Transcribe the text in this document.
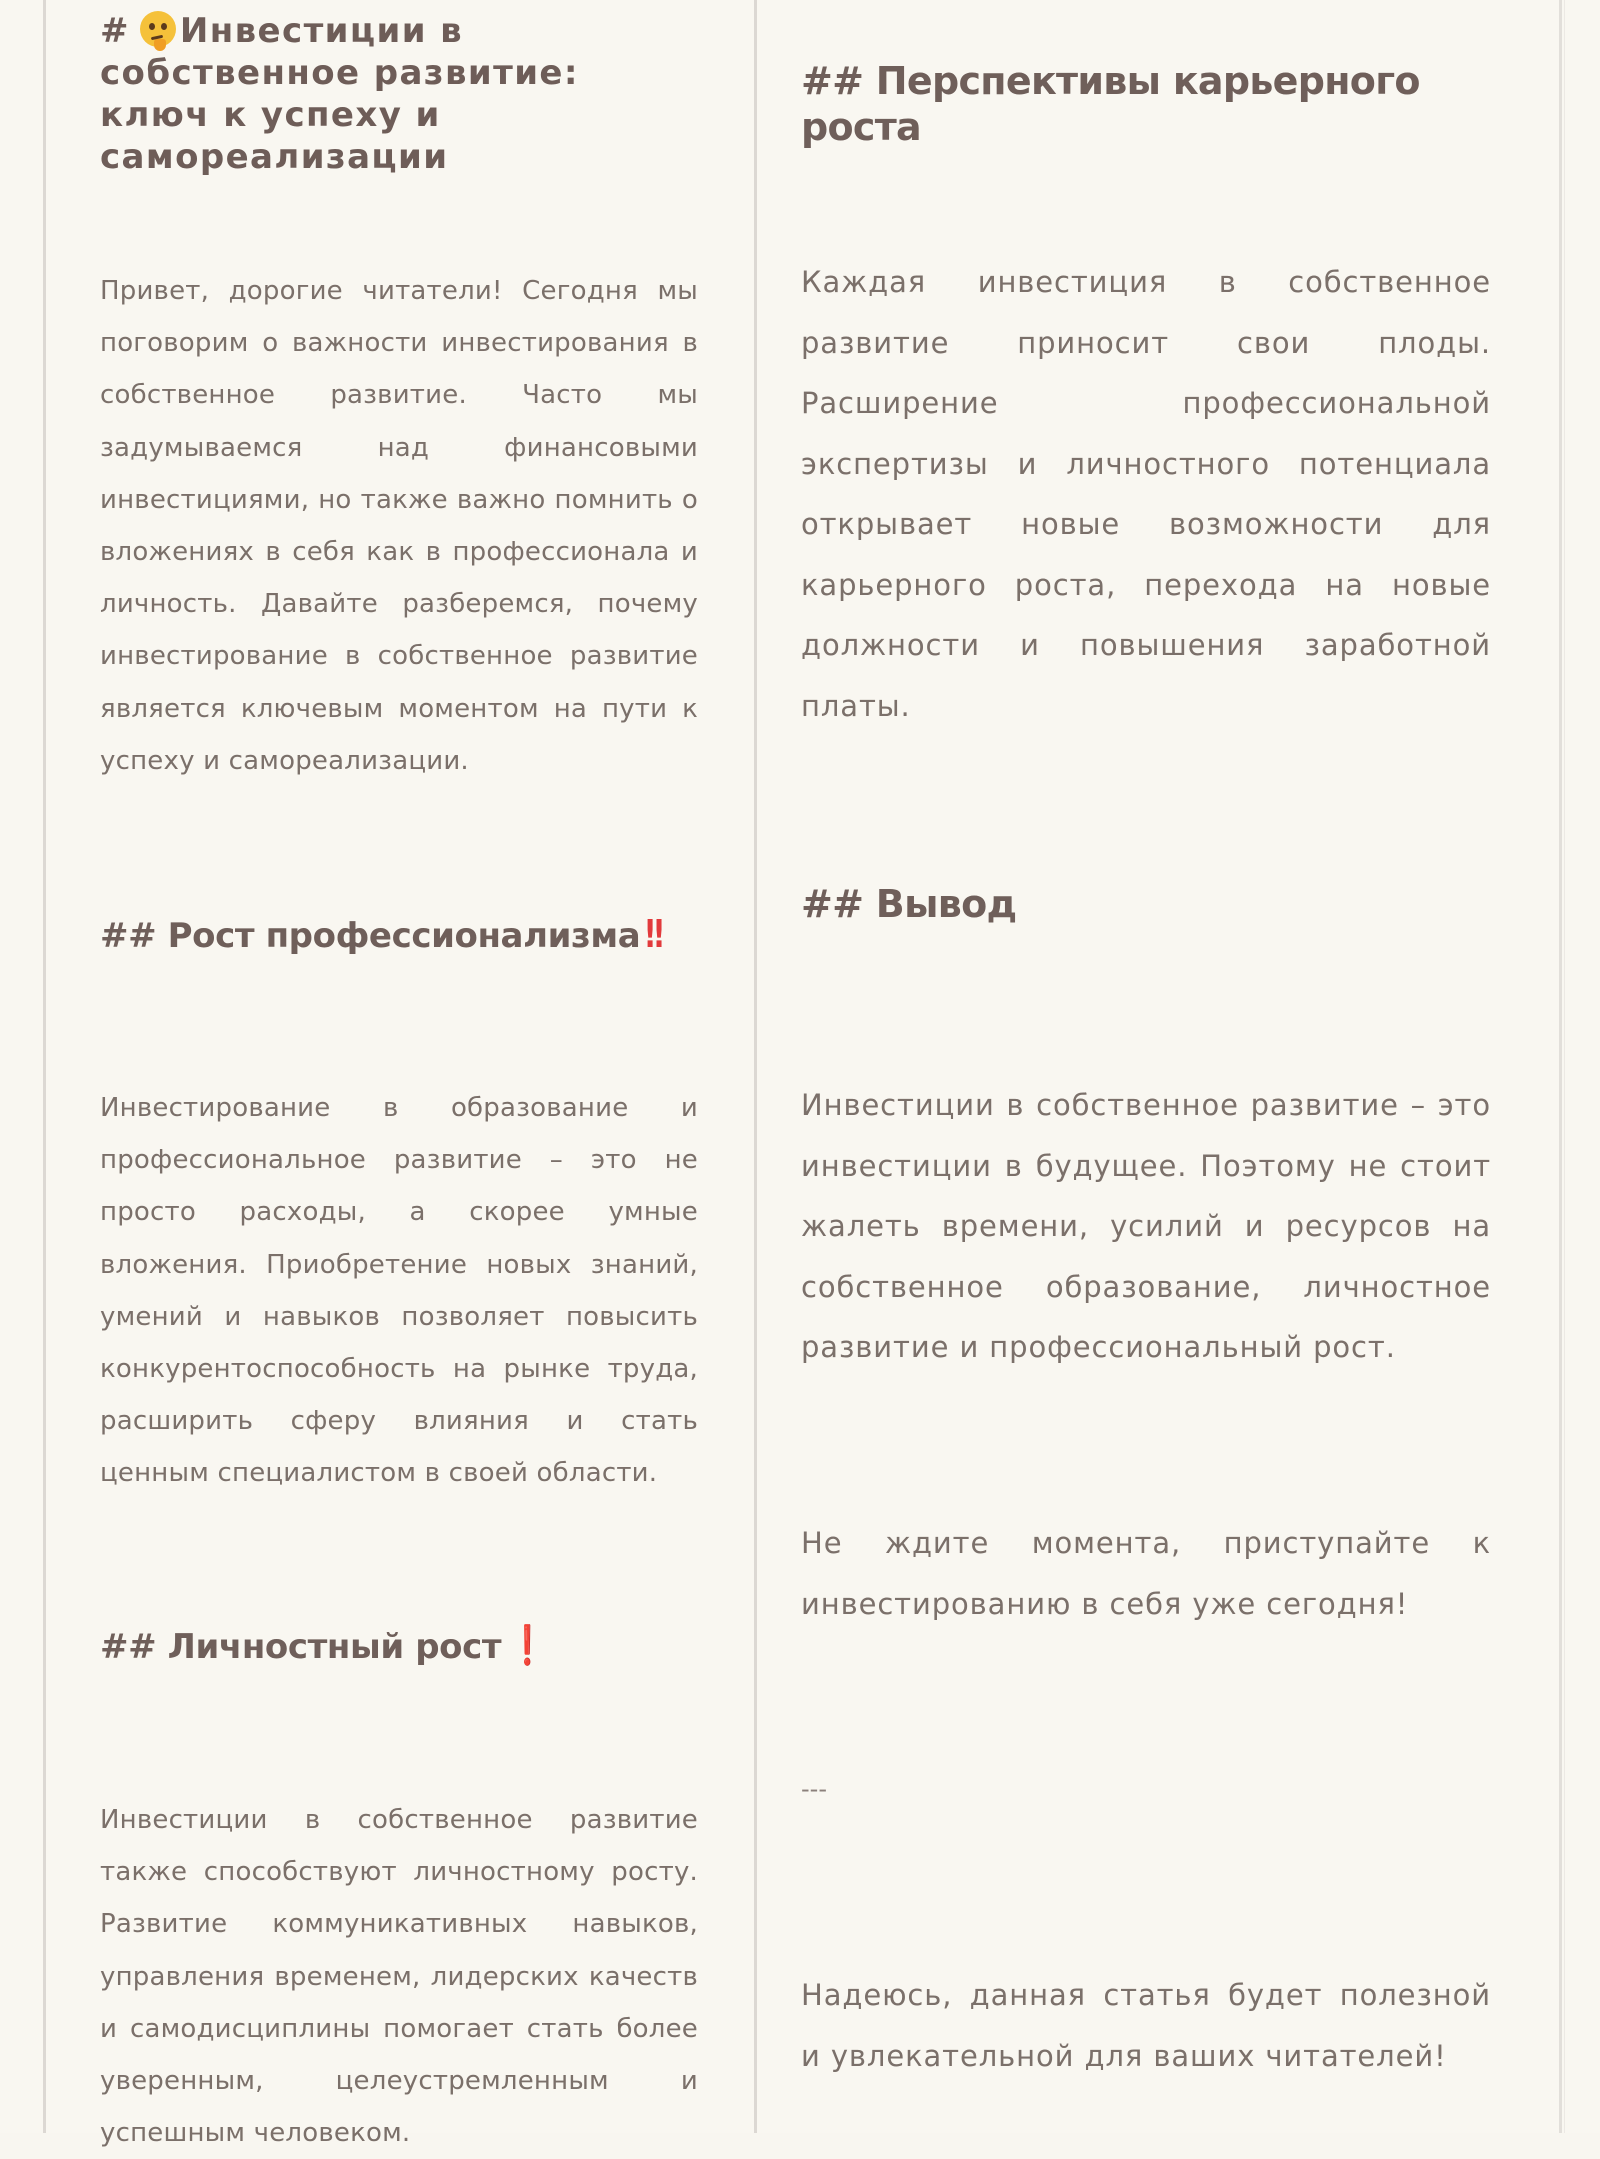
# Инвестиции в собственное развитие: ключ к успеху и самореализации

Привет, дорогие читатели! Сегодня мы поговорим о важности инвестирования в собственное развитие. Часто мы задумываемся над финансовыми инвестициями, но также важно помнить о вложениях в себя как в профессионала и личность. Давайте разберемся, почему инвестирование в собственное развитие является ключевым моментом на пути к успеху и самореализации.

## Рост профессионализма ‼

Инвестирование в образование и профессиональное развитие – это не просто расходы, а скорее умные вложения. Приобретение новых знаний, умений и навыков позволяет повысить конкурентоспособность на рынке труда, расширить сферу влияния и стать ценным специалистом в своей области.

## Личностный рост ❗

Инвестиции в собственное развитие также способствуют личностному росту. Развитие коммуникативных навыков, управления временем, лидерских качеств и самодисциплины помогает стать более уверенным, целеустремленным и успешным человеком.

## Перспективы карьерного роста

Каждая инвестиция в собственное развитие приносит свои плоды. Расширение профессиональной экспертизы и личностного потенциала открывает новые возможности для карьерного роста, перехода на новые должности и повышения заработной платы.

## Вывод

Инвестиции в собственное развитие – это инвестиции в будущее. Поэтому не стоит жалеть времени, усилий и ресурсов на собственное образование, личностное развитие и профессиональный рост.

Не ждите момента, приступайте к инвестированию в себя уже сегодня!

---

Надеюсь, данная статья будет полезной и увлекательной для ваших читателей!
